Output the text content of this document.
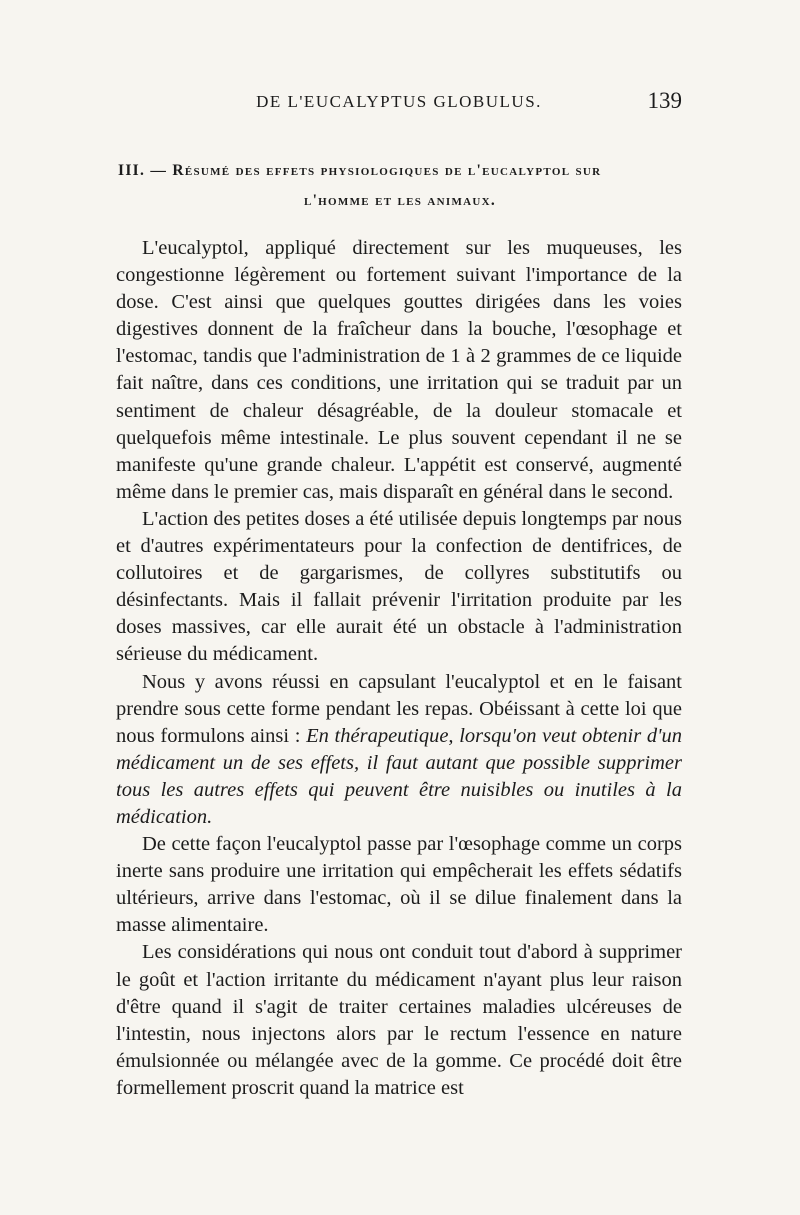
DE L'EUCALYPTUS GLOBULUS.	139
III. — Résumé des effets physiologiques de l'eucalyptol sur
l'homme et les animaux.

L'eucalyptol, appliqué directement sur les muqueuses, les congestionne légèrement ou fortement suivant l'importance de la dose. C'est ainsi que quelques gouttes dirigées dans les voies digestives donnent de la fraîcheur dans la bouche, l'œsophage et l'estomac, tandis que l'administration de 1 à 2 grammes de ce liquide fait naître, dans ces conditions, une irritation qui se traduit par un sentiment de chaleur désagréable, de la douleur stomacale et quelquefois même intestinale. Le plus souvent cependant il ne se manifeste qu'une grande chaleur. L'appétit est conservé, augmenté même dans le premier cas, mais disparaît en général dans le second.

L'action des petites doses a été utilisée depuis longtemps par nous et d'autres expérimentateurs pour la confection de dentifrices, de collutoires et de gargarismes, de collyres substitutifs ou désinfectants. Mais il fallait prévenir l'irritation produite par les doses massives, car elle aurait été un obstacle à l'administration sérieuse du médicament.

Nous y avons réussi en capsulant l'eucalyptol et en le faisant prendre sous cette forme pendant les repas. Obéissant à cette loi que nous formulons ainsi : En thérapeutique, lorsqu'on veut obtenir d'un médicament un de ses effets, il faut autant que possible supprimer tous les autres effets qui peuvent être nuisibles ou inutiles à la médication.

De cette façon l'eucalyptol passe par l'œsophage comme un corps inerte sans produire une irritation qui empêcherait les effets sédatifs ultérieurs, arrive dans l'estomac, où il se dilue finalement dans la masse alimentaire.

Les considérations qui nous ont conduit tout d'abord à supprimer le goût et l'action irritante du médicament n'ayant plus leur raison d'être quand il s'agit de traiter certaines maladies ulcéreuses de l'intestin, nous injectons alors par le rectum l'essence en nature émulsionnée ou mélangée avec de la gomme. Ce procédé doit être formellement proscrit quand la matrice est
